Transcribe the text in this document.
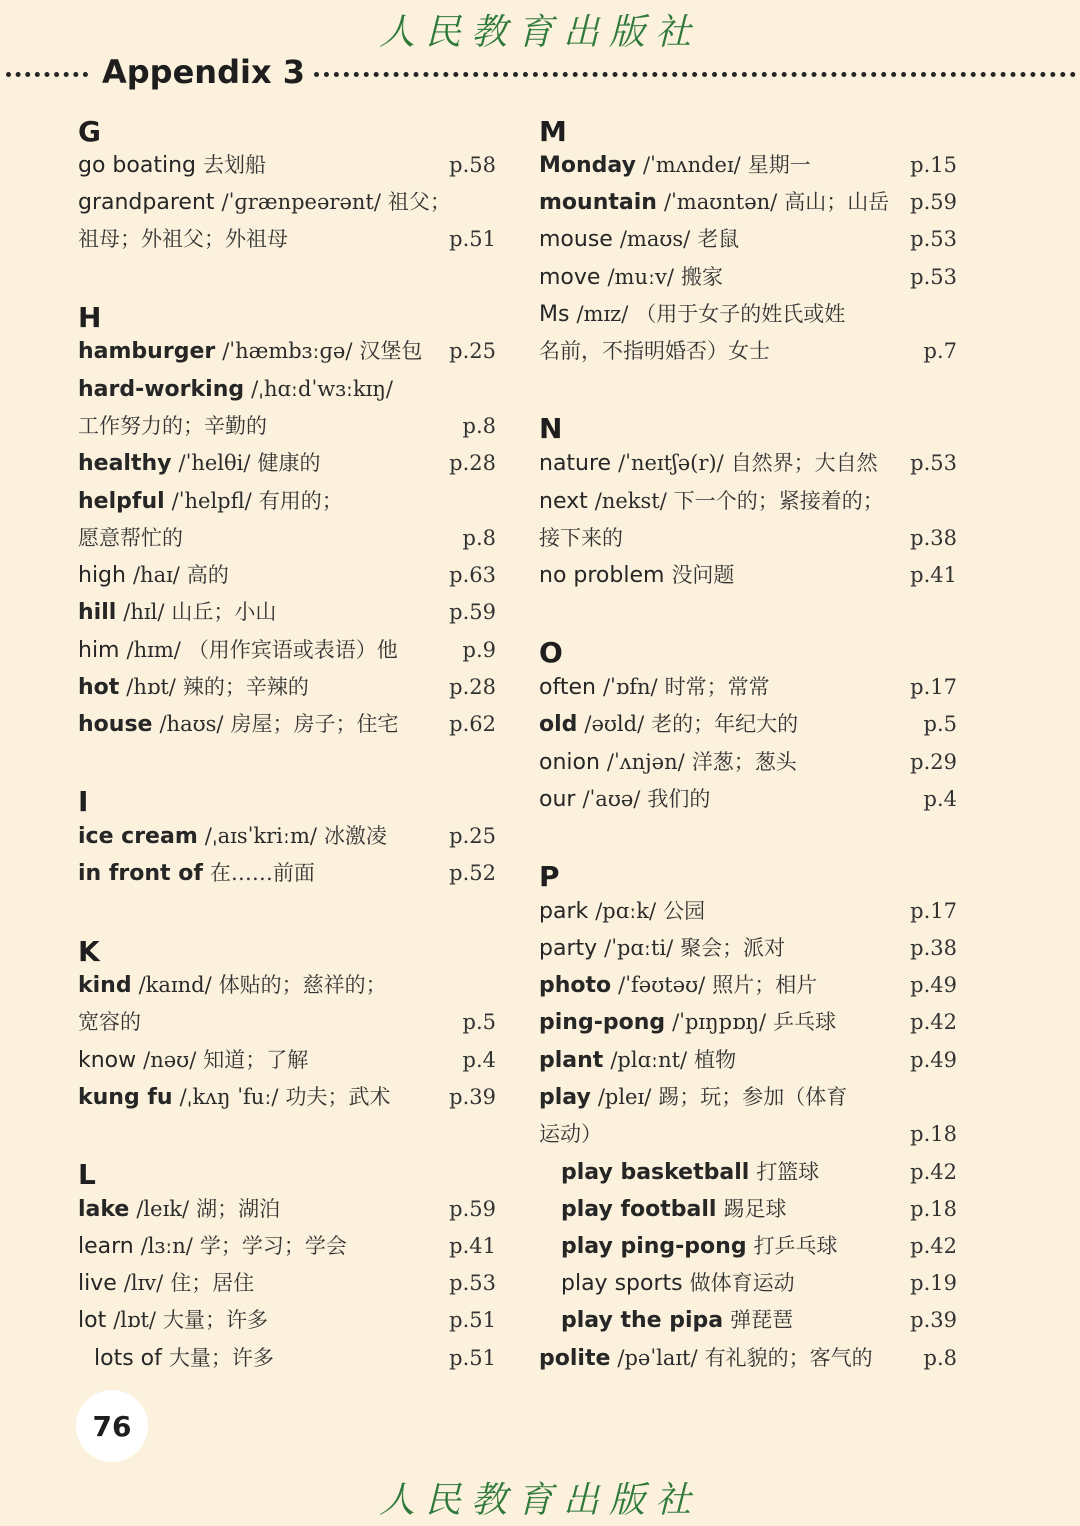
人民教育出版社
Appendix 3
G
go boating 去划船	p.58
grandparent /ˈɡrænpeərənt/ 祖父；
祖母；外祖父；外祖母	p.51
H
hamburger /ˈhæmbɜːɡə/ 汉堡包 p.25
hard-working /ˌhɑːdˈwɜːkɪŋ/
工作努力的；辛勤的	p.8
healthy /ˈhelθi/ 健康的	p.28
helpful /ˈhelpfl/ 有用的；
愿意帮忙的	p.8
high /haɪ/ 高的	p.63
hill /hɪl/ 山丘；小山	p.59
him /hɪm/ （用作宾语或表语）他	p.9
hot /hɒt/ 辣的；辛辣的	p.28
house /haʊs/ 房屋；房子；住宅 p.62
I
ice cream /ˌaɪsˈkriːm/ 冰激凌	p.25
in front of 在……前面	p.52
K
kind /kaɪnd/ 体贴的；慈祥的；
宽容的	p.5
know /nəʊ/ 知道；了解	p.4
kung fu /ˌkʌŋ ˈfuː/ 功夫；武术	p.39
L
lake /leɪk/ 湖；湖泊	p.59
learn /lɜːn/ 学；学习；学会	p.41
live /lɪv/ 住；居住	p.53
lot /lɒt/ 大量；许多	p.51
lots of 大量；许多	p.51
M
Monday /ˈmʌndeɪ/ 星期一	p.15
mountain /ˈmaʊntən/ 高山；山岳 p.59
mouse /maʊs/ 老鼠	p.53
move /muːv/ 搬家	p.53
Ms /mɪz/ （用于女子的姓氏或姓
名前，不指明婚否）女士	p.7
N
nature /ˈneɪtʃə(r)/ 自然界；大自然 p.53
next /nekst/ 下一个的；紧接着的；
接下来的	p.38
no problem 没问题	p.41
O
often /ˈɒfn/ 时常；常常	p.17
old /əʊld/ 老的；年纪大的	p.5
onion /ˈʌnjən/ 洋葱；葱头	p.29
our /ˈaʊə/ 我们的	p.4
P
park /pɑːk/ 公园	p.17
party /ˈpɑːti/ 聚会；派对	p.38
photo /ˈfəʊtəʊ/ 照片；相片	p.49
ping-pong /ˈpɪŋpɒŋ/ 乒乓球	p.42
plant /plɑːnt/ 植物	p.49
play /pleɪ/ 踢；玩；参加（体育
运动）	p.18
play basketball 打篮球	p.42
play football 踢足球	p.18
play ping-pong 打乒乓球	p.42
play sports 做体育运动	p.19
play the pipa 弹琵琶	p.39
polite /pəˈlaɪt/ 有礼貌的；客气的 p.8
76
人民教育出版社
